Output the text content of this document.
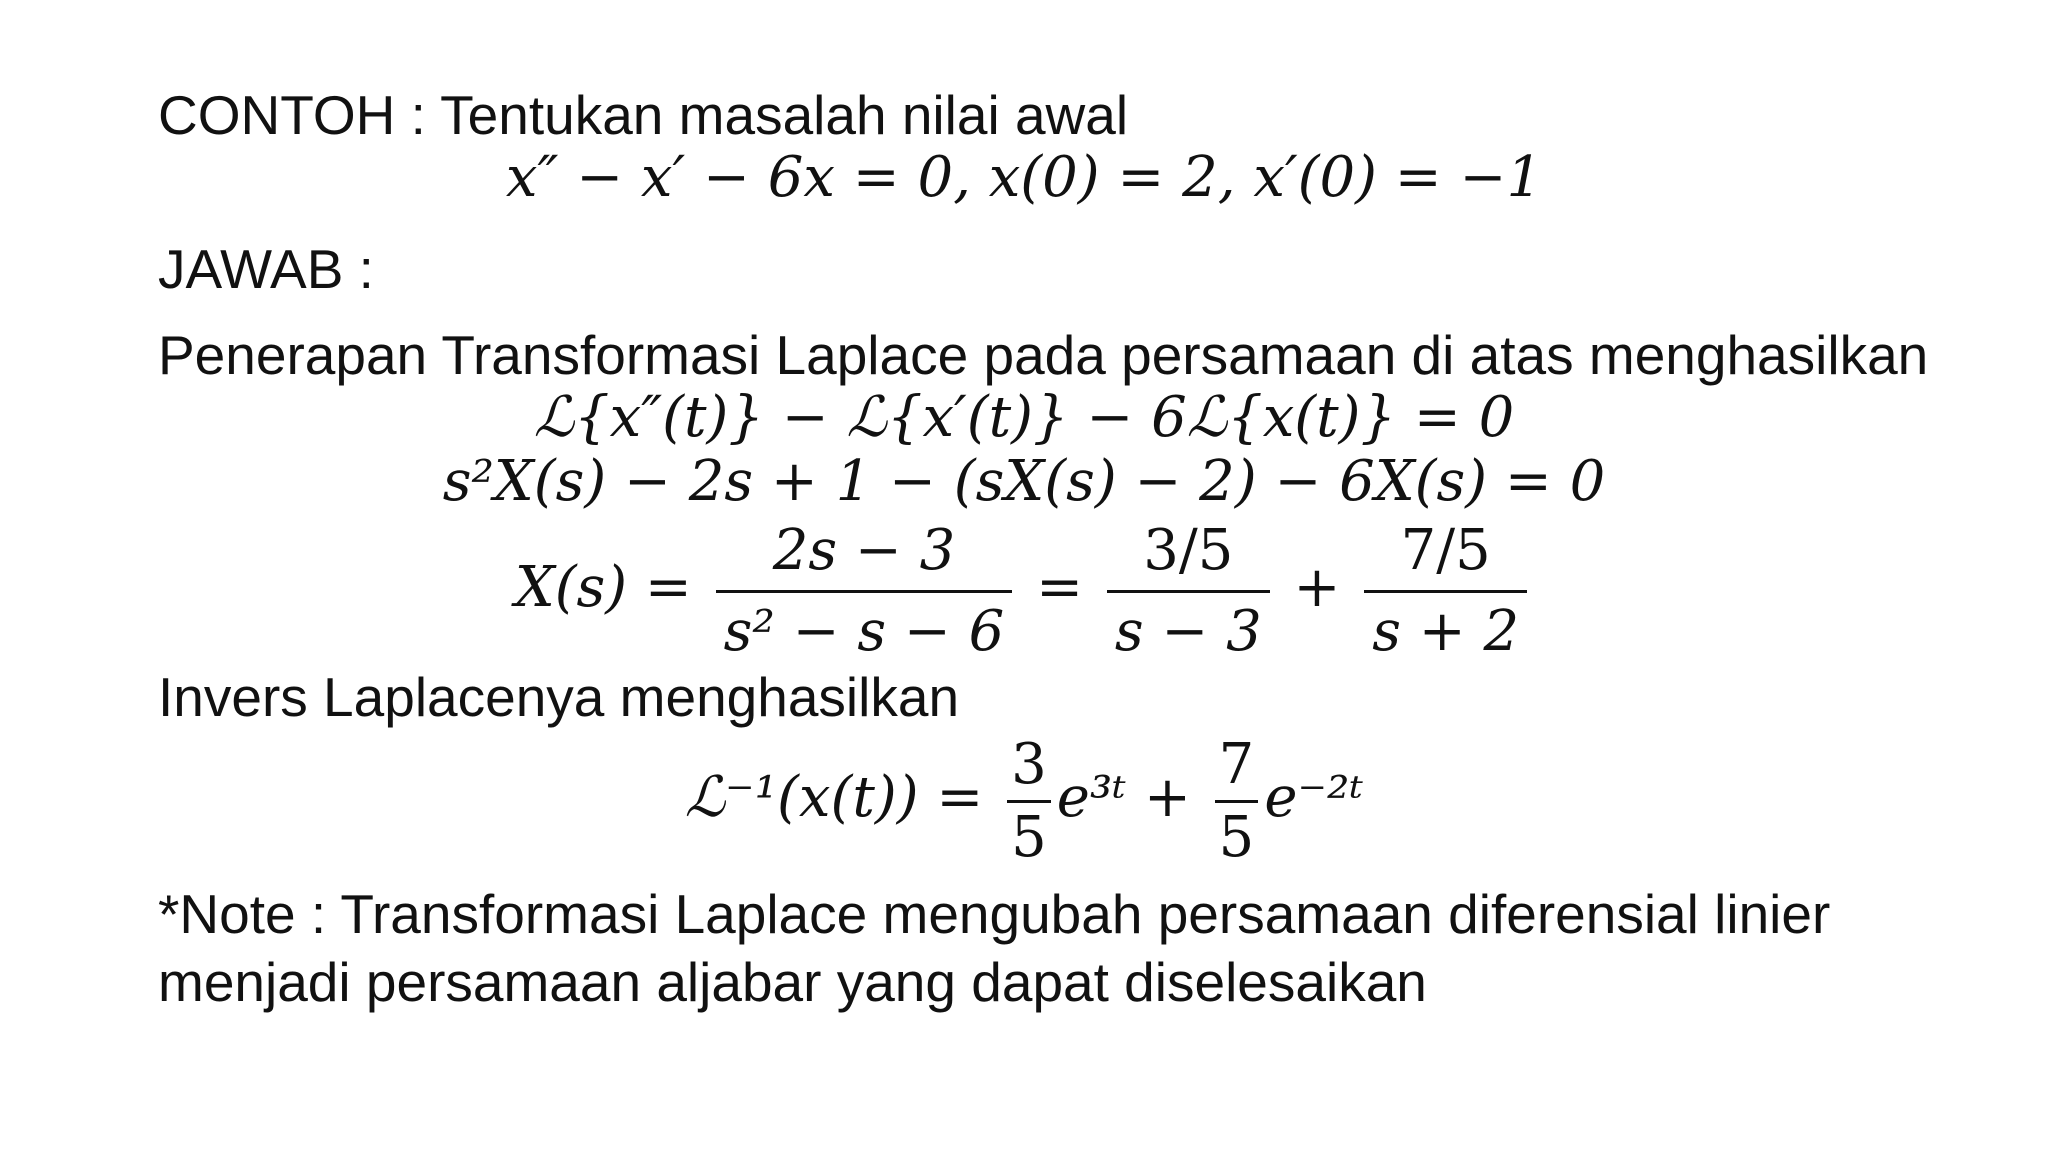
CONTOH : Tentukan masalah nilai awal
x″ − x′ − 6x = 0, x(0) = 2, x′(0) = −1
JAWAB :
Penerapan Transformasi Laplace pada persamaan di atas menghasilkan
ℒ{x″(t)} − ℒ{x′(t)} − 6ℒ{x(t)} = 0
s²X(s) − 2s + 1 − (sX(s) − 2) − 6X(s) = 0
$X(s) = \frac{2s - 3}{\text{s² − s − 6}} = \frac{3/5}{s - 3} + \frac{7/5}{s + 2}$
Invers Laplacenya menghasilkan
ℒ⁻¹(x(t)) = $\frac{3}{5}$ e³ᵗ + $\frac{7}{5}$ e⁻²ᵗ
*Note : Transformasi Laplace mengubah persamaan diferensial linier
menjadi persamaan aljabar yang dapat diselesaikan
